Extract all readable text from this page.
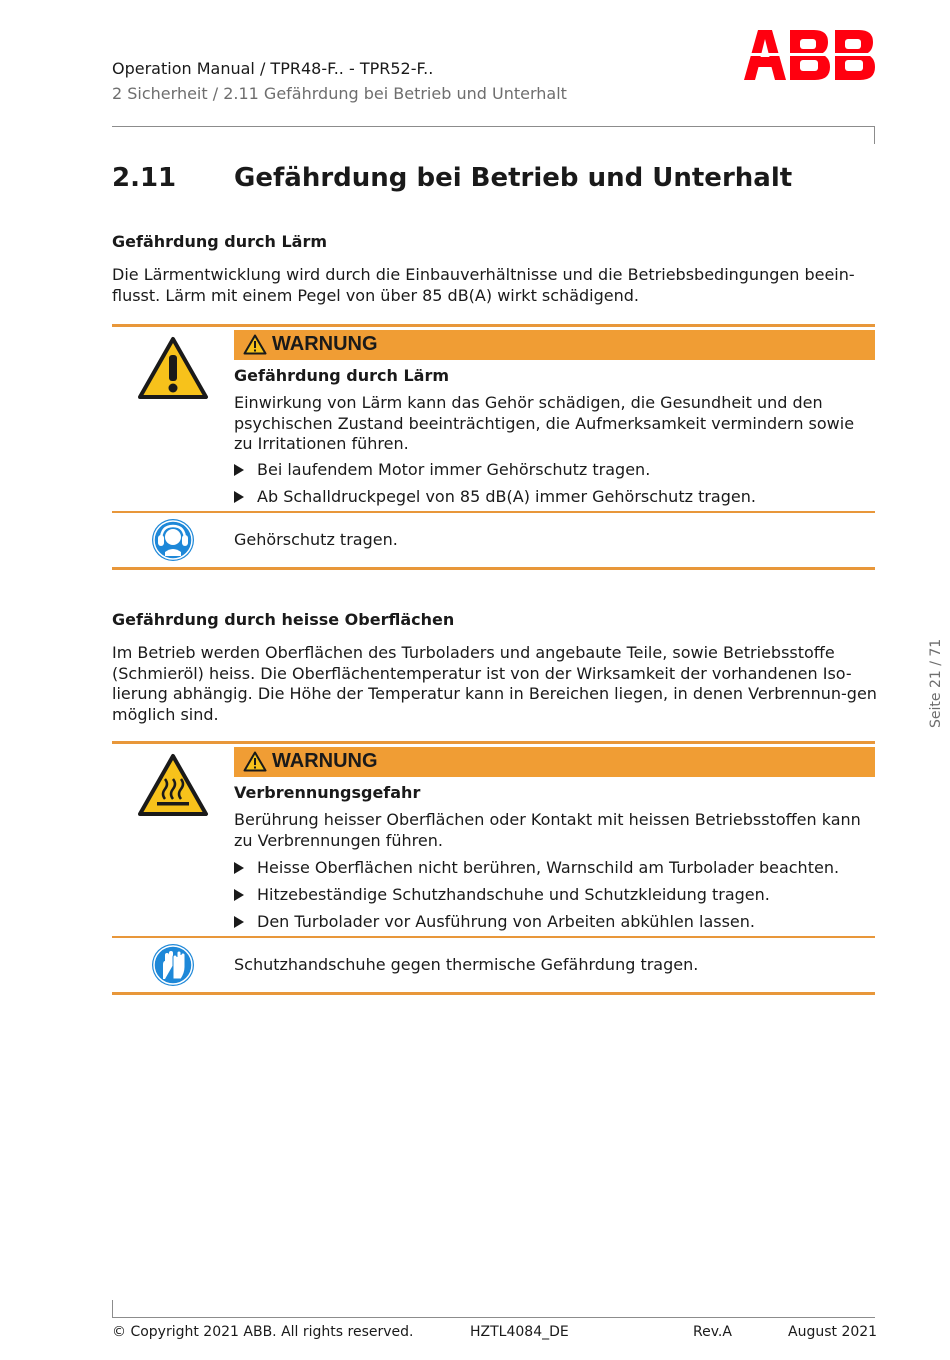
Operation Manual / TPR48-F.. - TPR52-F..
2 Sicherheit / 2.11 Gefährdung bei Betrieb und Unterhalt
2.11 Gefährdung bei Betrieb und Unterhalt
Gefährdung durch Lärm
Die Lärmentwicklung wird durch die Einbauverhältnisse und die Betriebsbedingungen beein-flusst. Lärm mit einem Pegel von über 85 dB(A) wirkt schädigend.
WARNUNG
Gefährdung durch Lärm
Einwirkung von Lärm kann das Gehör schädigen, die Gesundheit und den psychischen Zustand beeinträchtigen, die Aufmerksamkeit vermindern sowie zu Irritationen führen.
Bei laufendem Motor immer Gehörschutz tragen.
Ab Schalldruckpegel von 85 dB(A) immer Gehörschutz tragen.
Gehörschutz tragen.
Gefährdung durch heisse Oberflächen
Im Betrieb werden Oberflächen des Turboladers und angebaute Teile, sowie Betriebsstoffe (Schmieröl) heiss. Die Oberflächentemperatur ist von der Wirksamkeit der vorhandenen Iso-lierung abhängig. Die Höhe der Temperatur kann in Bereichen liegen, in denen Verbrennun-gen möglich sind.
WARNUNG
Verbrennungsgefahr
Berührung heisser Oberflächen oder Kontakt mit heissen Betriebsstoffen kann zu Verbrennungen führen.
Heisse Oberflächen nicht berühren, Warnschild am Turbolader beachten.
Hitzebeständige Schutzhandschuhe und Schutzkleidung tragen.
Den Turbolader vor Ausführung von Arbeiten abkühlen lassen.
Schutzhandschuhe gegen thermische Gefährdung tragen.
Seite 21 / 71
© Copyright 2021 ABB. All rights reserved.	HZTL4084_DE	Rev.A	August 2021
